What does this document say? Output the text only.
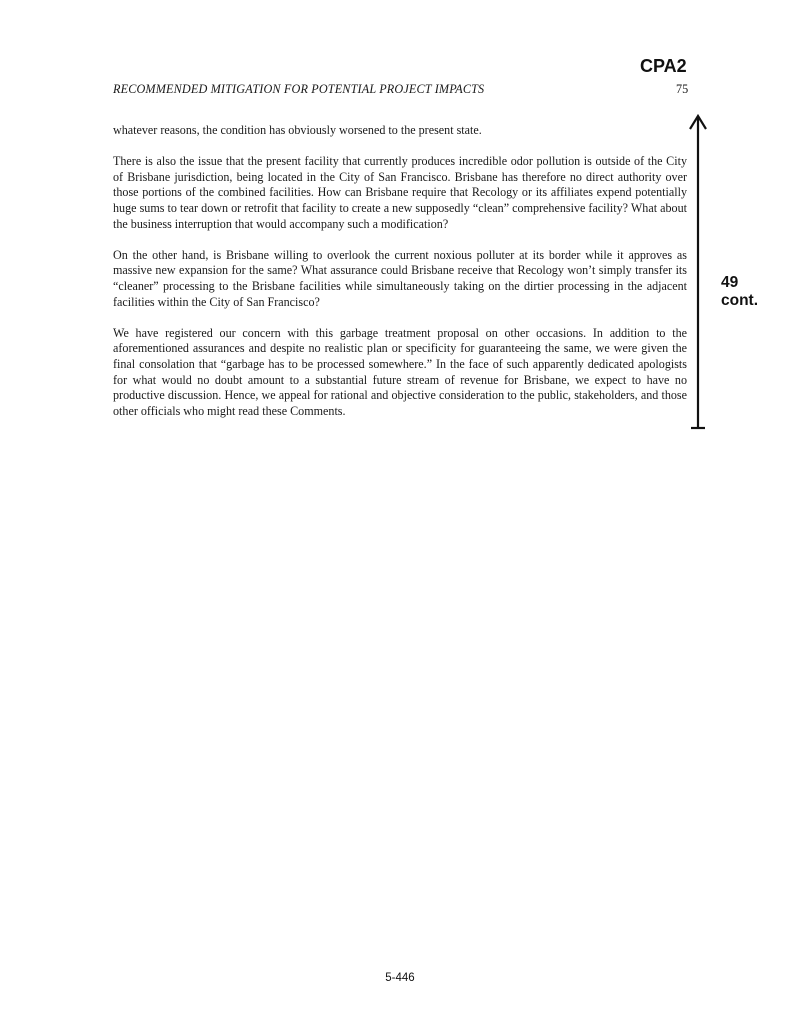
CPA2
RECOMMENDED MITIGATION FOR POTENTIAL PROJECT IMPACTS	75

whatever reasons, the condition has obviously worsened to the present state.

There is also the issue that the present facility that currently produces incredible odor pollution is outside of the City of Brisbane jurisdiction, being located in the City of San Francisco. Brisbane has therefore no direct authority over those portions of the combined facilities. How can Brisbane require that Recology or its affiliates expend potentially huge sums to tear down or retrofit that facility to create a new supposedly “clean” comprehensive facility? What about the business interruption that would accompany such a modification?

On the other hand, is Brisbane willing to overlook the current noxious polluter at its border while it approves as massive new expansion for the same? What assurance could Brisbane receive that Recology won’t simply transfer its “cleaner” processing to the Brisbane facilities while simultaneously taking on the dirtier processing in the adjacent facilities within the City of San Francisco?

We have registered our concern with this garbage treatment proposal on other occasions. In addition to the aforementioned assurances and despite no realistic plan or specificity for guaranteeing the same, we were given the final consolation that “garbage has to be processed somewhere.” In the face of such apparently dedicated apologists for what would no doubt amount to a substantial future stream of revenue for Brisbane, we expect to have no productive discussion. Hence, we appeal for rational and objective consideration to the public, stakeholders, and those other officials who might read these Comments.

49
cont.
5-446
